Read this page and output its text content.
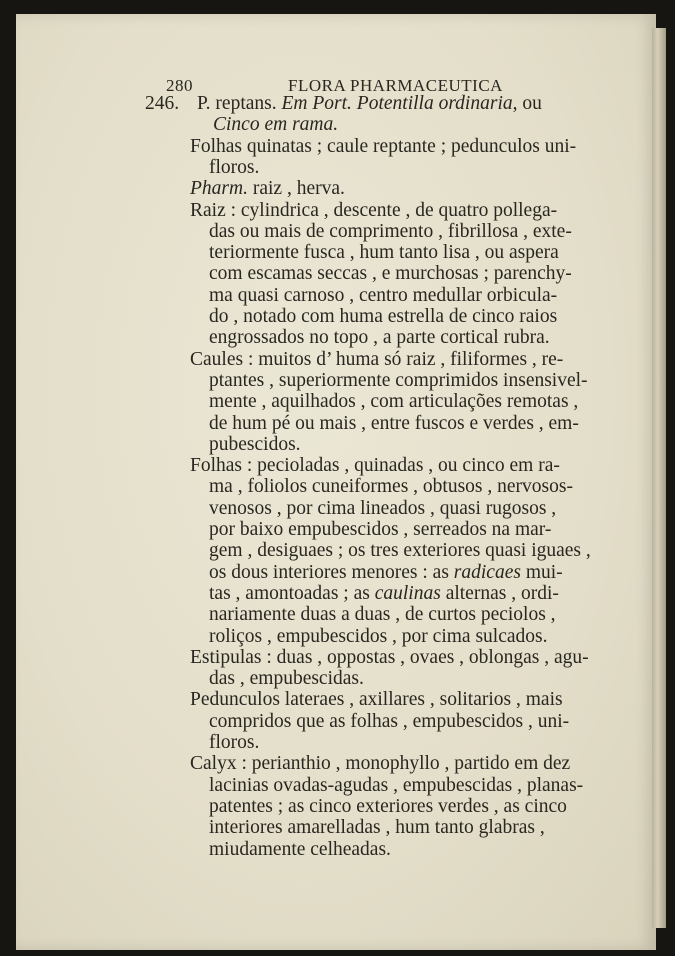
280	FLORA PHARMACEUTICA
246. P. reptans. Em Port. Potentilla ordinaria, ou
Cinco em rama.
Folhas quinatas ; caule reptante ; pedunculos uni-
floros.
Pharm. raiz , herva.
Raiz : cylindrica , descente , de quatro pollega-
das ou mais de comprimento , fibrillosa , exte-
teriormente fusca , hum tanto lisa , ou aspera
com escamas seccas , e murchosas ; parenchy-
ma quasi carnoso , centro medullar orbicula-
do , notado com huma estrella de cinco raios
engrossados no topo , a parte cortical rubra.
Caules : muitos d’ huma só raiz , filiformes , re-
ptantes , superiormente comprimidos insensivel-
mente , aquilhados , com articulações remotas ,
de hum pé ou mais , entre fuscos e verdes , em-
pubescidos.
Folhas : pecioladas , quinadas , ou cinco em ra-
ma , foliolos cuneiformes , obtusos , nervosos-
venosos , por cima lineados , quasi rugosos ,
por baixo empubescidos , serreados na mar-
gem , desiguaes ; os tres exteriores quasi iguaes ,
os dous interiores menores : as radicaes mui-
tas , amontoadas ; as caulinas alternas , ordi-
nariamente duas a duas , de curtos peciolos ,
roliços , empubescidos , por cima sulcados.
Estipulas : duas , oppostas , ovaes , oblongas , agu-
das , empubescidas.
Pedunculos lateraes , axillares , solitarios , mais
compridos que as folhas , empubescidos , uni-
floros.
Calyx : perianthio , monophyllo , partido em dez
lacinias ovadas-agudas , empubescidas , planas-
patentes ; as cinco exteriores verdes , as cinco
interiores amarelladas , hum tanto glabras ,
miudamente celheadas.
